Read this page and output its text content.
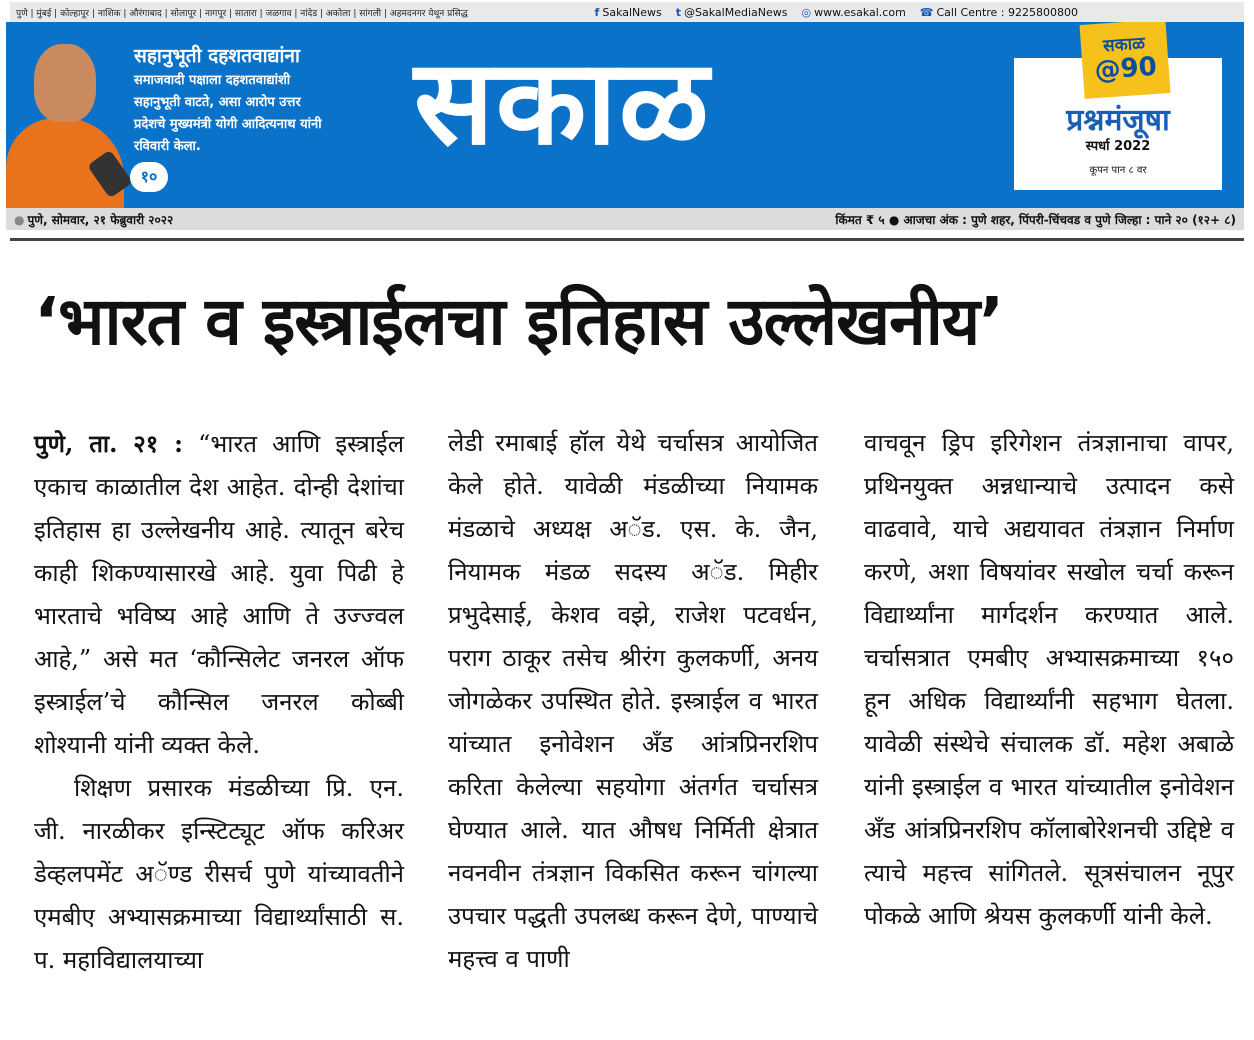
पुणे | मुंबई | कोल्हापूर | नाशिक | औरंगाबाद | सोलापूर | नागपूर | सातारा | जळगाव | नांदेड | अकोला | सांगली | अहमदनगर येथून प्रसिद्ध	f SakalNews t @SakalMediaNews ◎ www.esakal.com ☎ Call Centre : 9225800800
सहानुभूती दहशतवाद्यांना
समाजवादी पक्षाला दहशतवाद्यांशी सहानुभूती वाटते, असा आरोप उत्तर प्रदेशचे मुख्यमंत्री योगी आदित्यनाथ यांनी रविवारी केला.
१०
सकाळ	सकाळ
@90
प्रश्नमंजूषा
स्पर्धा 2022
कूपन पान ८ वर
● पुणे, सोमवार, २१ फेब्रुवारी २०२२	किंमत ₹ ५ ● आजचा अंक : पुणे शहर, पिंपरी-चिंचवड व पुणे जिल्हा : पाने २० (१२+ ८)
‘भारत व इस्त्राईलचा इतिहास उल्लेखनीय’

पुणे, ता. २१ : “भारत आणि इस्त्राईल एकाच काळातील देश आहेत. दोन्ही देशांचा इतिहास हा उल्लेखनीय आहे. त्यातून बरेच काही शिकण्यासारखे आहे. युवा पिढी हे भारताचे भविष्य आहे आणि ते उज्ज्वल आहे,” असे मत ‘कौन्सिलेट जनरल ऑफ इस्त्राईल’चे कौन्सिल जनरल कोब्बी शोश्यानी यांनी व्यक्त केले.

शिक्षण प्रसारक मंडळीच्या प्रि. एन. जी. नारळीकर इन्स्टिट्यूट ऑफ करिअर डेव्हलपमेंट अॅण्ड रीसर्च पुणे यांच्यावतीने एमबीए अभ्यासक्रमाच्या विद्यार्थ्यांसाठी स. प. महाविद्यालयाच्या

लेडी रमाबाई हॉल येथे चर्चासत्र आयोजित केले होते. यावेळी मंडळीच्या नियामक मंडळाचे अध्यक्ष अॅड. एस. के. जैन, नियामक मंडळ सदस्य अॅड. मिहीर प्रभुदेसाई, केशव वझे, राजेश पटवर्धन, पराग ठाकूर तसेच श्रीरंग कुलकर्णी, अनय जोगळेकर उपस्थित होते. इस्त्राईल व भारत यांच्यात इनोवेशन अँड आंत्रप्रिनरशिप करिता केलेल्या सहयोगा अंतर्गत चर्चासत्र घेण्यात आले. यात औषध निर्मिती क्षेत्रात नवनवीन तंत्रज्ञान विकसित करून चांगल्या उपचार पद्धती उपलब्ध करून देणे, पाण्याचे महत्त्व व पाणी

वाचवून ड्रिप इरिगेशन तंत्रज्ञानाचा वापर, प्रथिनयुक्त अन्नधान्याचे उत्पादन कसे वाढवावे, याचे अद्ययावत तंत्रज्ञान निर्माण करणे, अशा विषयांवर सखोल चर्चा करून विद्यार्थ्यांना मार्गदर्शन करण्यात आले. चर्चासत्रात एमबीए अभ्यासक्रमाच्या १५० हून अधिक विद्यार्थ्यांनी सहभाग घेतला. यावेळी संस्थेचे संचालक डॉ. महेश अबाळे यांनी इस्त्राईल व भारत यांच्यातील इनोवेशन अँड आंत्रप्रिनरशिप कॉलाबोरेशनची उद्दिष्टे व त्याचे महत्त्व सांगितले. सूत्रसंचालन नूपुर पोकळे आणि श्रेयस कुलकर्णी यांनी केले.
